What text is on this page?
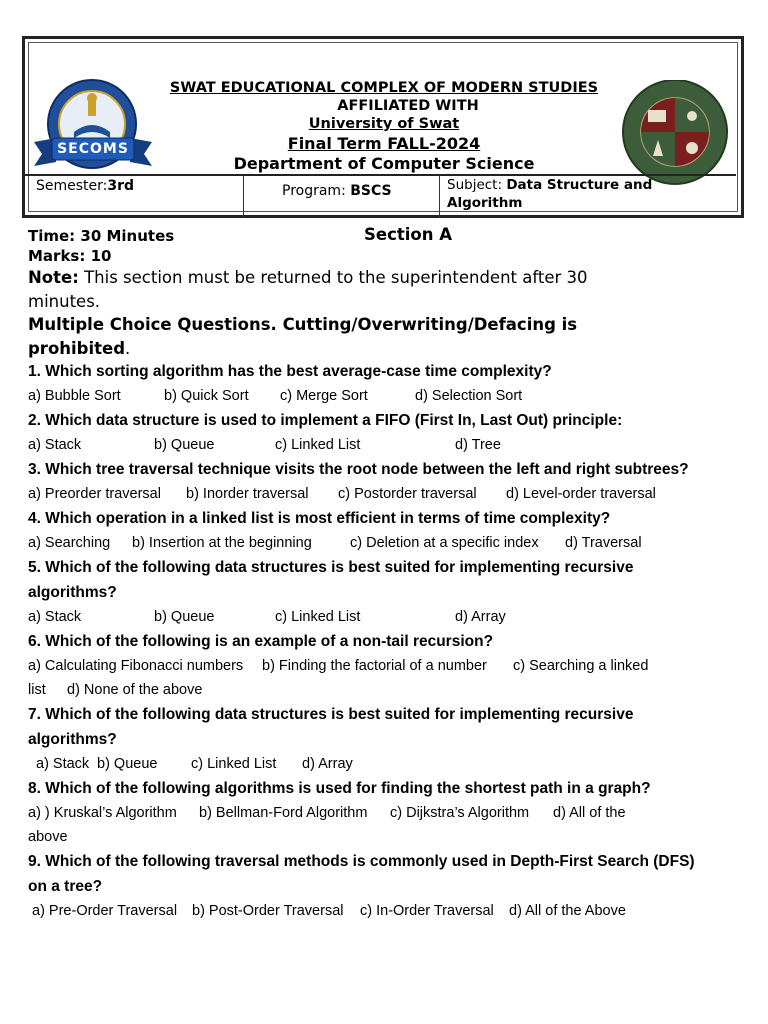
SWAT EDUCATIONAL COMPLEX OF MODERN STUDIES
AFFILIATED WITH
University of Swat
Final Term FALL-2024
Department of Computer Science
SECOMS
Semester:3rd	Program: BSCS	Subject: Data Structure and
Algorithm
Time: 30 Minutes	Section A
Marks: 10
Note: This section must be returned to the superintendent after 30
minutes.
Multiple Choice Questions. Cutting/Overwriting/Defacing is
prohibited.
1. Which sorting algorithm has the best average-case time complexity?
a) Bubble Sort	b) Quick Sort c) Merge Sort	d) Selection Sort
2. Which data structure is used to implement a FIFO (First In, Last Out) principle:
a) Stack	b) Queue	c) Linked List	d) Tree
3. Which tree traversal technique visits the root node between the left and right subtrees?
a) Preorder traversal b) Inorder traversal c) Postorder traversal d) Level-order traversal
4. Which operation in a linked list is most efficient in terms of time complexity?
a) Searching b) Insertion at the beginning	c) Deletion at a specific index d) Traversal
5. Which of the following data structures is best suited for implementing recursive
algorithms?
a) Stack	b) Queue	c) Linked List	d) Array
6. Which of the following is an example of a non-tail recursion?
a) Calculating Fibonacci numbers b) Finding the factorial of a number c) Searching a linked
list d) None of the above
7. Which of the following data structures is best suited for implementing recursive
algorithms?
a) Stack b) Queue c) Linked List d) Array
8. Which of the following algorithms is used for finding the shortest path in a graph?
a) ) Kruskal’s Algorithm b) Bellman-Ford Algorithm c) Dijkstra’s Algorithm d) All of the
above
9. Which of the following traversal methods is commonly used in Depth-First Search (DFS)
on a tree?
a) Pre-Order Traversal b) Post-Order Traversal c) In-Order Traversal d) All of the Above
